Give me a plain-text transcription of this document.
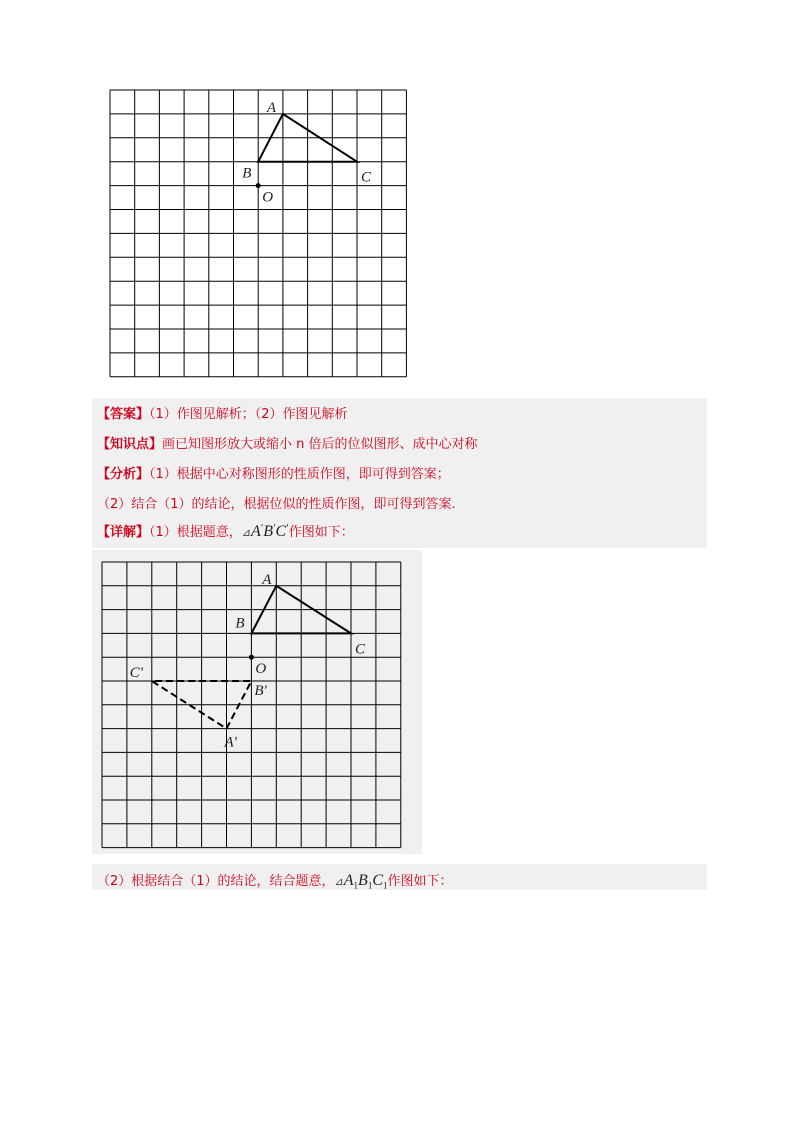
A
B	C
O
【答案】（1）作图见解析；（2）作图见解析
【知识点】画已知图形放大或缩小 n 倍后的位似图形、成中心对称
【分析】（1）根据中心对称图形的性质作图，即可得到答案；
（2）结合（1）的结论，根据位似的性质作图，即可得到答案.
【详解】（1）根据题意，⊿A'B'C'作图如下：
A
B
C
O
A'
B'
C'
（2）根据结合（1）的结论，结合题意，$⊿A_1B_1C_1$作图如下：
